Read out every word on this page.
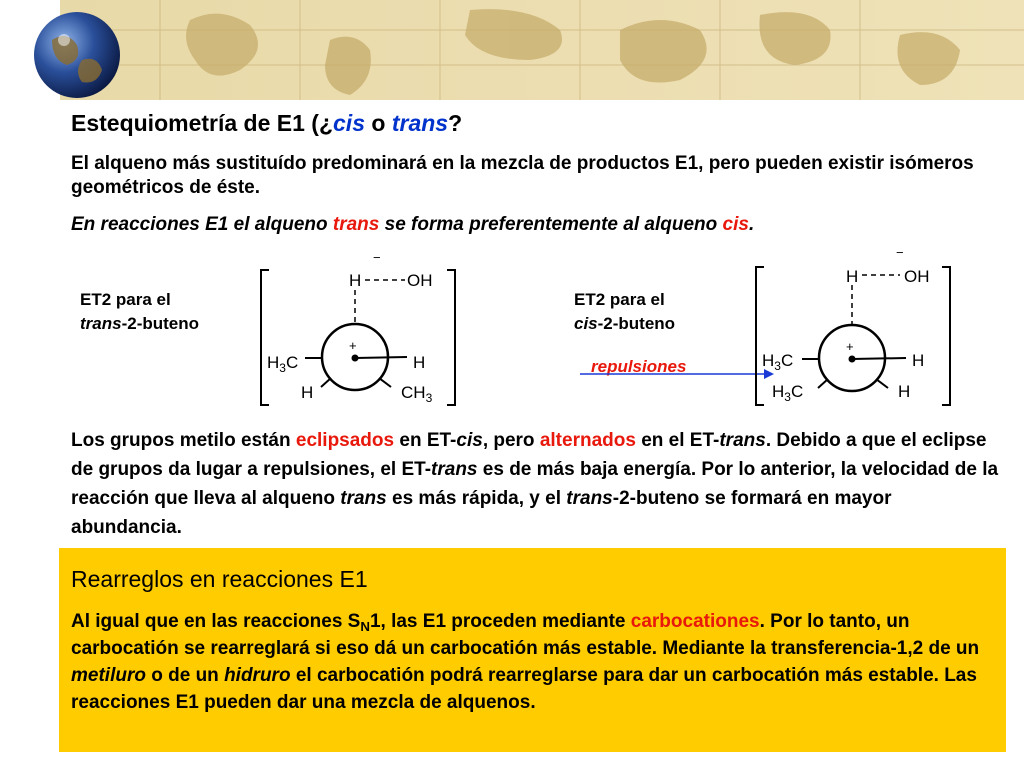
Estequiometría de E1 (¿cis o trans?
El alqueno más sustituído predominará en la mezcla de productos E1, pero pueden existir isómeros geométricos de éste.
En reacciones E1 el alqueno trans se forma preferentemente al alqueno cis.
ET2 para el
trans-2-buteno
−
H	OH
+
$H_3C$	H
H	$CH_3$
ET2 para el
cis-2-buteno
repulsiones
−
H	OH
+
$H_3C$	H
$H_3C$	H
Los grupos metilo están eclipsados en ET-cis, pero alternados en el ET-trans. Debido a que el eclipse de grupos da lugar a repulsiones, el ET-trans es de más baja energía. Por lo anterior, la velocidad de la reacción que lleva al alqueno trans es más rápida, y el trans-2-buteno se formará en mayor abundancia.
Rearreglos en reacciones E1
Al igual que en las reacciones $S_N1$, las E1 proceden mediante carbocationes. Por lo tanto, un carbocatión se rearreglará si eso dá un carbocatión más estable. Mediante la transferencia-1,2 de un metiluro o de un hidruro el carbocatión podrá rearreglarse para dar un carbocatión más estable. Las reacciones E1 pueden dar una mezcla de alquenos.
